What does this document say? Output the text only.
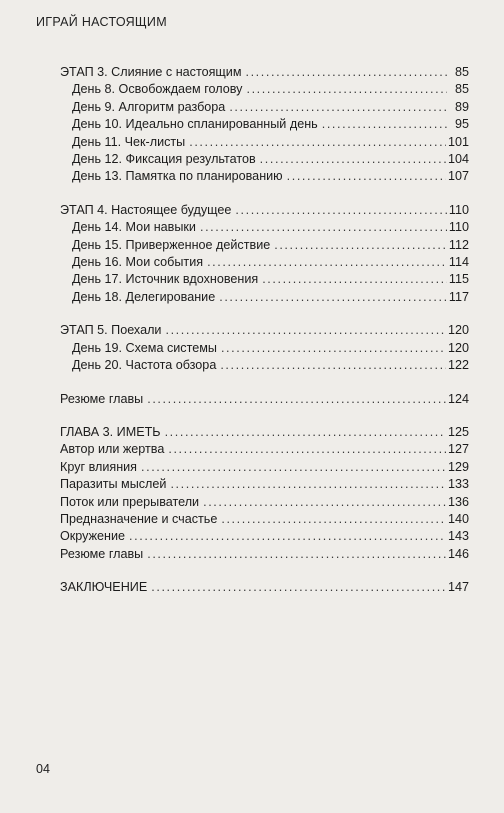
ИГРАЙ НАСТОЯЩИМ
ЭТАП 3. Слияние с настоящим .....	85
День 8. Освобождаем голову .....	85
День 9. Алгоритм разбора .....	89
День 10. Идеально спланированный день .....	95
День 11. Чек-листы .....	101
День 12. Фиксация результатов .....	104
День 13. Памятка по планированию .....	107
ЭТАП 4. Настоящее будущее .....	110
День 14. Мои навыки .....	110
День 15. Приверженное действие .....	112
День 16. Мои события .....	114
День 17. Источник вдохновения .....	115
День 18. Делегирование .....	117
ЭТАП 5. Поехали .....	120
День 19. Схема системы .....	120
День 20. Частота обзора .....	122
Резюме главы .....	124
ГЛАВА 3. ИМЕТЬ .....	125
Автор или жертва .....	127
Круг влияния .....	129
Паразиты мыслей .....	133
Поток или прерыватели .....	136
Предназначение и счастье .....	140
Окружение .....	143
Резюме главы .....	146
ЗАКЛЮЧЕНИЕ .....	147
04
